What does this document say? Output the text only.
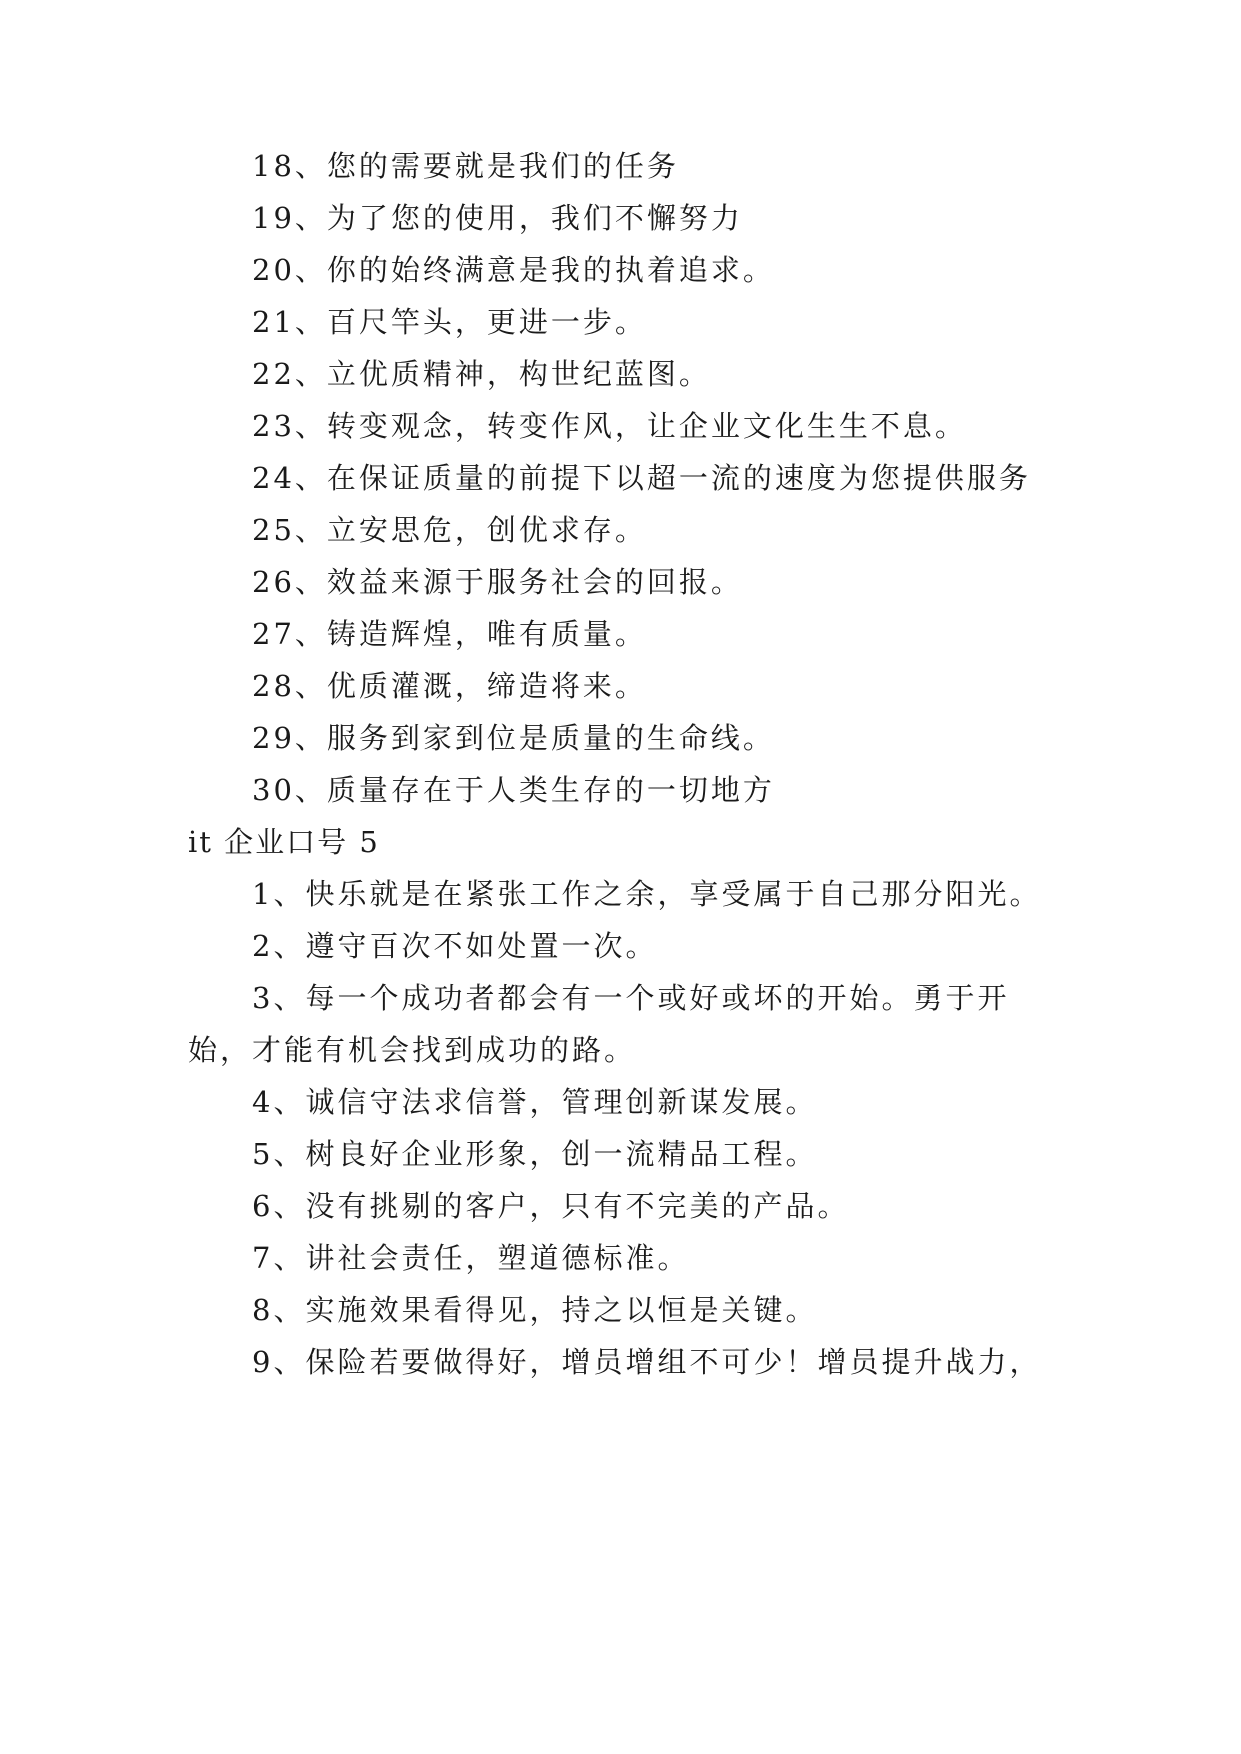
18、您的需要就是我们的任务
19、为了您的使用，我们不懈努力
20、你的始终满意是我的执着追求。
21、百尺竿头，更进一步。
22、立优质精神，构世纪蓝图。
23、转变观念，转变作风，让企业文化生生不息。
24、在保证质量的前提下以超一流的速度为您提供服务
25、立安思危，创优求存。
26、效益来源于服务社会的回报。
27、铸造辉煌，唯有质量。
28、优质灌溉，缔造将来。
29、服务到家到位是质量的生命线。
30、质量存在于人类生存的一切地方
it 企业口号 5
1、快乐就是在紧张工作之余，享受属于自己那分阳光。
2、遵守百次不如处置一次。
3、每一个成功者都会有一个或好或坏的开始。勇于开
始，才能有机会找到成功的路。
4、诚信守法求信誉，管理创新谋发展。
5、树良好企业形象，创一流精品工程。
6、没有挑剔的客户，只有不完美的产品。
7、讲社会责任，塑道德标准。
8、实施效果看得见，持之以恒是关键。
9、保险若要做得好，增员增组不可少！增员提升战力，
